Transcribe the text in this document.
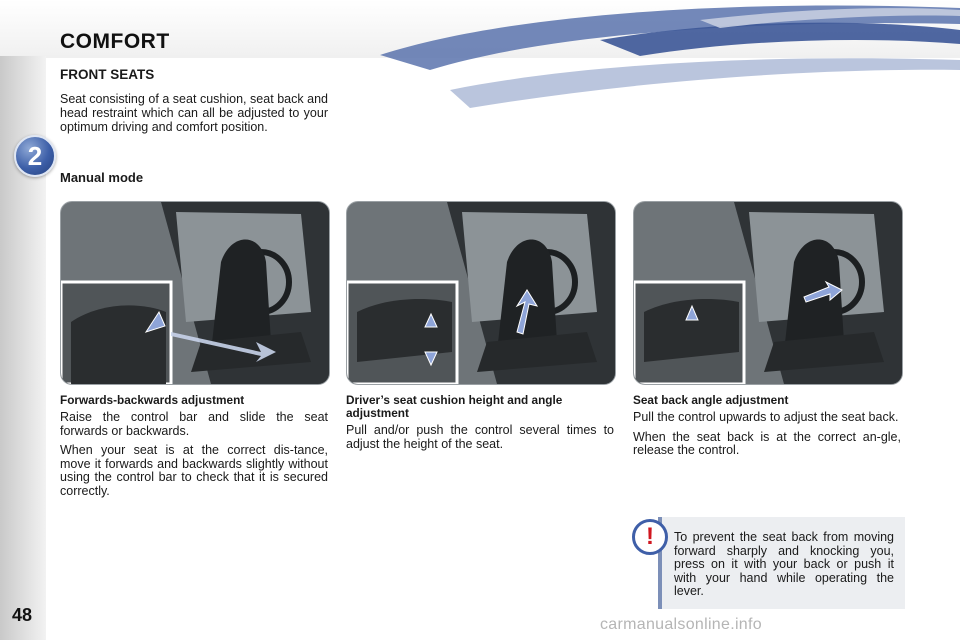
COMFORT
2
48
FRONT SEATS

Seat consisting of a seat cushion, seat back and head restraint which can all be adjusted to your optimum driving and comfort position.

Manual mode
Forwards-backwards adjustment

Raise the control bar and slide the seat forwards or backwards.

When your seat is at the correct dis-tance, move it forwards and backwards slightly without using the control bar to check that it is secured correctly.

Driver’s seat cushion height and angle adjustment

Pull and/or push the control several times to adjust the height of the seat.

Seat back angle adjustment

Pull the control upwards to adjust the seat back.

When the seat back is at the correct an-gle, release the control.

!	To prevent the seat back from moving forward sharply and knocking you, press on it with your back or push it with your hand while operating the lever.

carmanualsonline.info
